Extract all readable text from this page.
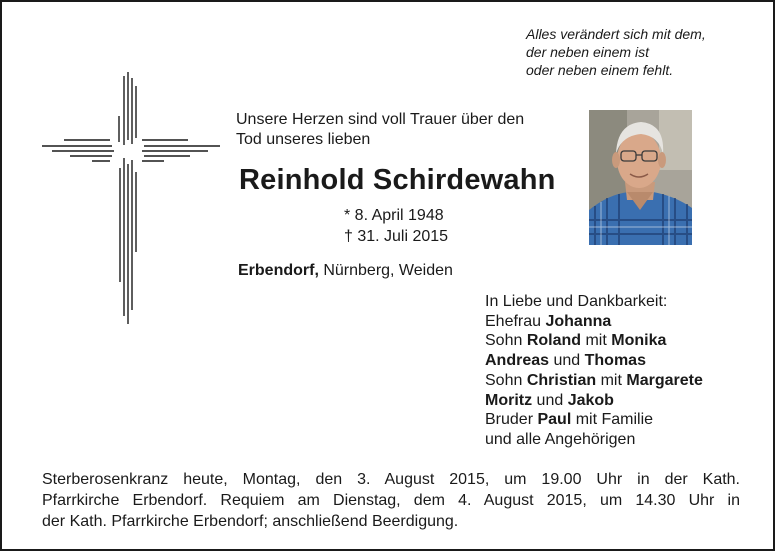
Alles verändert sich mit dem,
der neben einem ist
oder neben einem fehlt.
Unsere Herzen sind voll Trauer über den
Tod unseres lieben
Reinhold Schirdewahn
* 8. April 1948
† 31. Juli 2015
Erbendorf, Nürnberg, Weiden
In Liebe und Dankbarkeit:
Ehefrau Johanna
Sohn Roland mit Monika
Andreas und Thomas
Sohn Christian mit Margarete
Moritz und Jakob
Bruder Paul mit Familie
und alle Angehörigen
Sterberosenkranz heute, Montag, den 3. August 2015, um 19.00 Uhr in der Kath.
Pfarrkirche Erbendorf. Requiem am Dienstag, dem 4. August 2015, um 14.30 Uhr in
der Kath. Pfarrkirche Erbendorf; anschließend Beerdigung.
